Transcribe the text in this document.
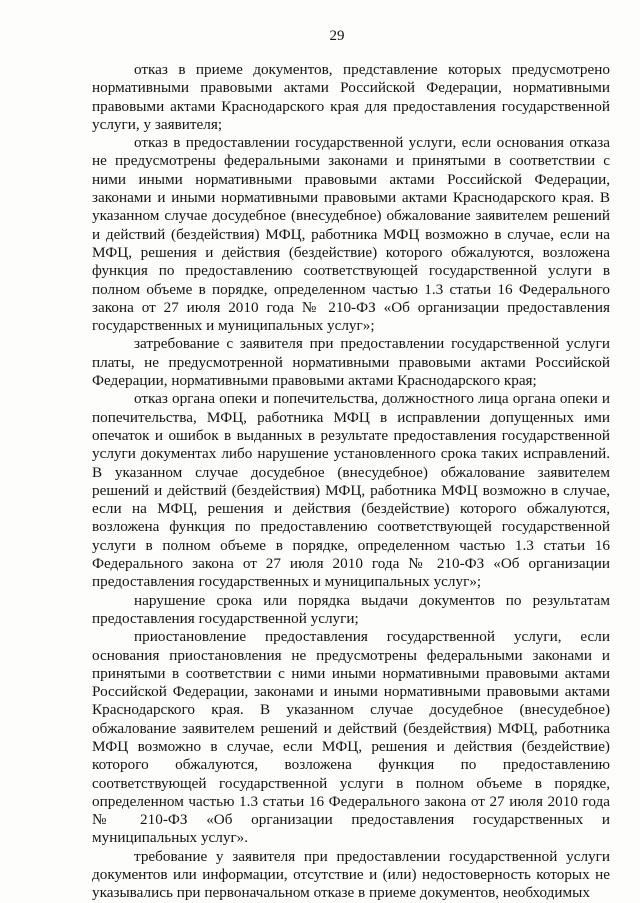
29

отказ в приеме документов, представление которых предусмотрено нормативными правовыми актами Российской Федерации, нормативными правовыми актами Краснодарского края для предоставления государственной услуги, у заявителя;

отказ в предоставлении государственной услуги, если основания отказа не предусмотрены федеральными законами и принятыми в соответствии с ними иными нормативными правовыми актами Российской Федерации, законами и иными нормативными правовыми актами Краснодарского края. В указанном случае досудебное (внесудебное) обжалование заявителем решений и действий (бездействия) МФЦ, работника МФЦ возможно в случае, если на МФЦ, решения и действия (бездействие) которого обжалуются, возложена функция по предоставлению соответствующей государственной услуги в полном объеме в порядке, определенном частью 1.3 статьи 16 Федерального закона от 27 июля 2010 года № 210-ФЗ «Об организации предоставления государственных и муниципальных услуг»;

затребование с заявителя при предоставлении государственной услуги платы, не предусмотренной нормативными правовыми актами Российской Федерации, нормативными правовыми актами Краснодарского края;

отказ органа опеки и попечительства, должностного лица органа опеки и попечительства, МФЦ, работника МФЦ в исправлении допущенных ими опечаток и ошибок в выданных в результате предоставления государственной услуги документах либо нарушение установленного срока таких исправлений. В указанном случае досудебное (внесудебное) обжалование заявителем решений и действий (бездействия) МФЦ, работника МФЦ возможно в случае, если на МФЦ, решения и действия (бездействие) которого обжалуются, возложена функция по предоставлению соответствующей государственной услуги в полном объеме в порядке, определенном частью 1.3 статьи 16 Федерального закона от 27 июля 2010 года № 210-ФЗ «Об организации предоставления государственных и муниципальных услуг»;

нарушение срока или порядка выдачи документов по результатам предоставления государственной услуги;

приостановление предоставления государственной услуги, если основания приостановления не предусмотрены федеральными законами и принятыми в соответствии с ними иными нормативными правовыми актами Российской Федерации, законами и иными нормативными правовыми актами Краснодарского края. В указанном случае досудебное (внесудебное) обжалование заявителем решений и действий (бездействия) МФЦ, работника МФЦ возможно в случае, если МФЦ, решения и действия (бездействие) которого обжалуются, возложена функция по предоставлению соответствующей государственной услуги в полном объеме в порядке, определенном частью 1.3 статьи 16 Федерального закона от 27 июля 2010 года № 210-ФЗ «Об организации предоставления государственных и муниципальных услуг».

требование у заявителя при предоставлении государственной услуги документов или информации, отсутствие и (или) недостоверность которых не указывались при первоначальном отказе в приеме документов, необходимых
